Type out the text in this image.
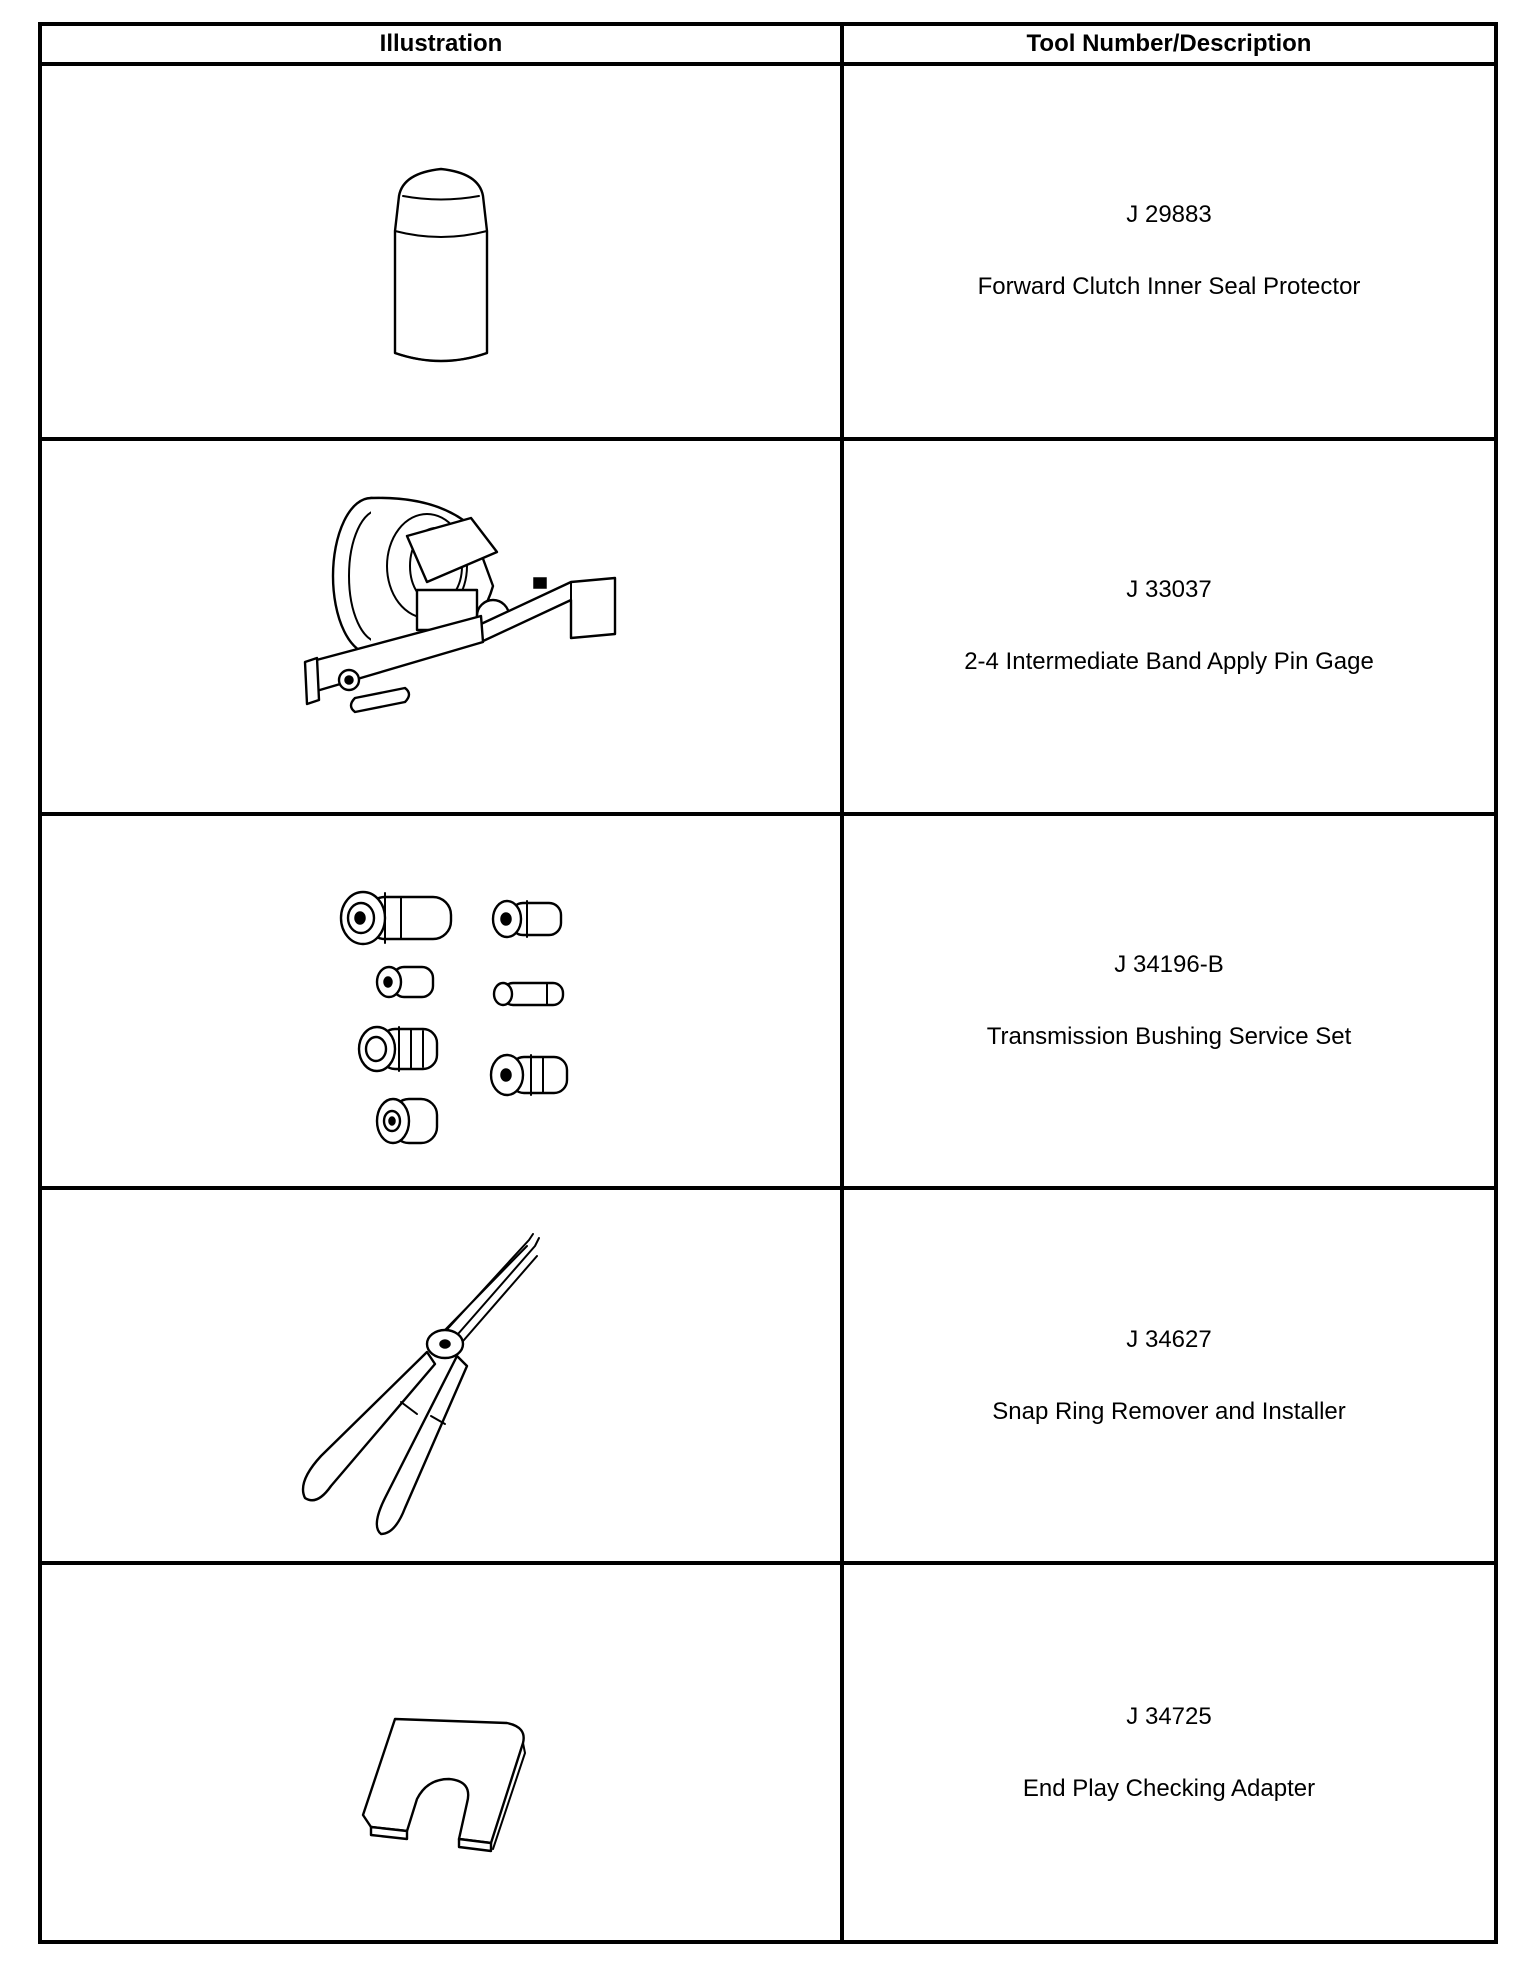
Illustration	Tool Number/Description
J 29883
Forward Clutch Inner Seal Protector
J 33037
2-4 Intermediate Band Apply Pin Gage
J 34196-B
Transmission Bushing Service Set
J 34627
Snap Ring Remover and Installer
J 34725
End Play Checking Adapter
